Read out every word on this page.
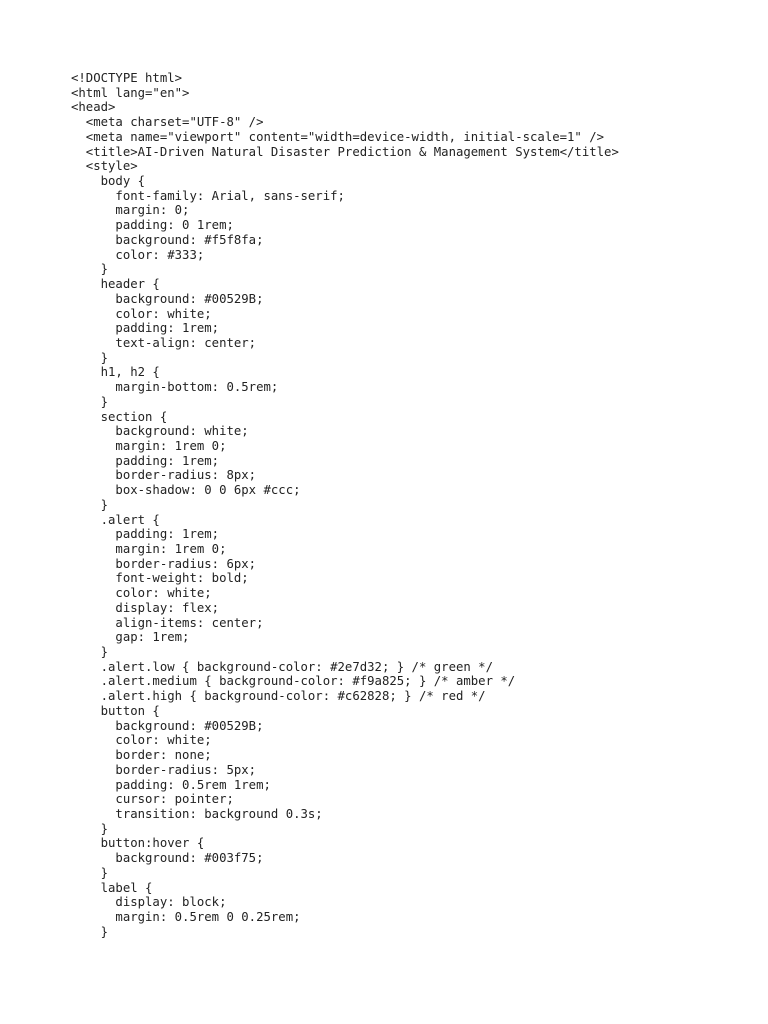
<!DOCTYPE html>
<html lang="en">
<head>
<meta charset="UTF-8" />
<meta name="viewport" content="width=device-width, initial-scale=1" />
<title>AI-Driven Natural Disaster Prediction & Management System</title>
<style>
body {
font-family: Arial, sans-serif;
margin: 0;
padding: 0 1rem;
background: #f5f8fa;
color: #333;
}
header {
background: #00529B;
color: white;
padding: 1rem;
text-align: center;
}
h1, h2 {
margin-bottom: 0.5rem;
}
section {
background: white;
margin: 1rem 0;
padding: 1rem;
border-radius: 8px;
box-shadow: 0 0 6px #ccc;
}
.alert {
padding: 1rem;
margin: 1rem 0;
border-radius: 6px;
font-weight: bold;
color: white;
display: flex;
align-items: center;
gap: 1rem;
}
.alert.low { background-color: #2e7d32; } /* green */
.alert.medium { background-color: #f9a825; } /* amber */
.alert.high { background-color: #c62828; } /* red */
button {
background: #00529B;
color: white;
border: none;
border-radius: 5px;
padding: 0.5rem 1rem;
cursor: pointer;
transition: background 0.3s;
}
button:hover {
background: #003f75;
}
label {
display: block;
margin: 0.5rem 0 0.25rem;
}
